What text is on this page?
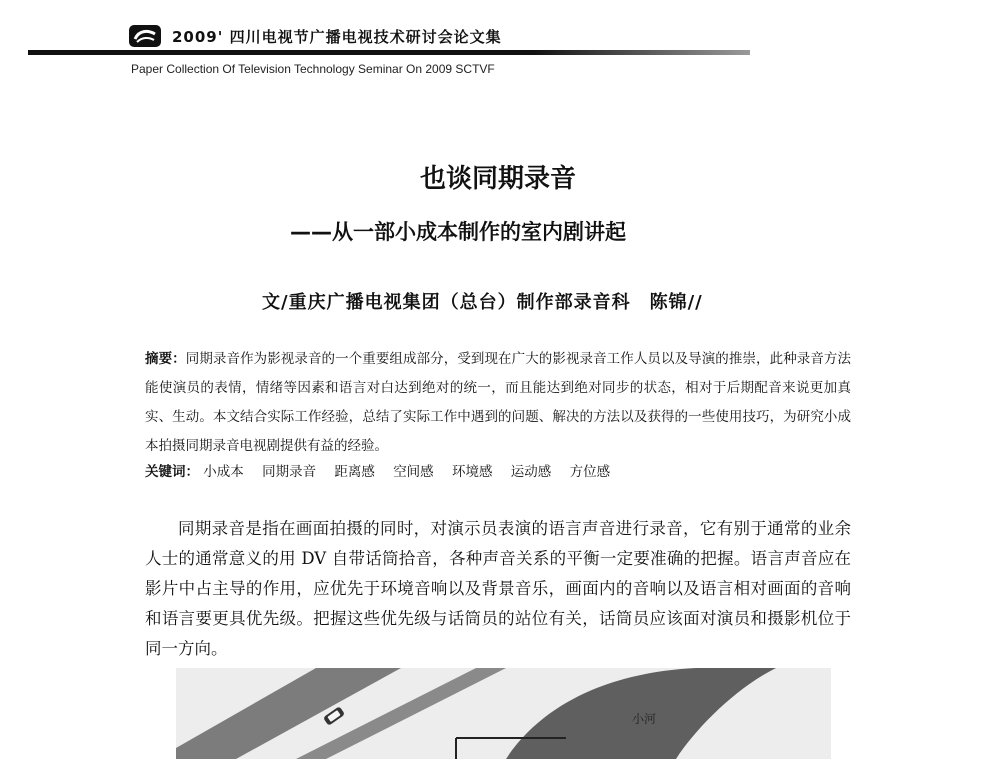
2009' 四川电视节广播电视技术研讨会论文集
Paper Collection Of Television Technology Seminar On 2009 SCTVF
也谈同期录音
——从一部小成本制作的室内剧讲起
文/重庆广播电视集团（总台）制作部录音科　陈锦//
摘要：同期录音作为影视录音的一个重要组成部分，受到现在广大的影视录音工作人员以及导演的推崇，此种录音方法能使演员的表情，情绪等因素和语言对白达到绝对的统一，而且能达到绝对同步的状态，相对于后期配音来说更加真实、生动。本文结合实际工作经验，总结了实际工作中遇到的问题、解决的方法以及获得的一些使用技巧，为研究小成本拍摄同期录音电视剧提供有益的经验。
关键词： 小成本 同期录音 距离感 空间感 环境感 运动感 方位感
同期录音是指在画面拍摄的同时，对演示员表演的语言声音进行录音，它有别于通常的业余人士的通常意义的用 DV 自带话筒拾音，各种声音关系的平衡一定要准确的把握。语言声音应在影片中占主导的作用，应优先于环境音响以及背景音乐，画面内的音响以及语言相对画面的音响和语言要更具优先级。把握这些优先级与话筒员的站位有关，话筒员应该面对演员和摄影机位于同一方向。
小河
